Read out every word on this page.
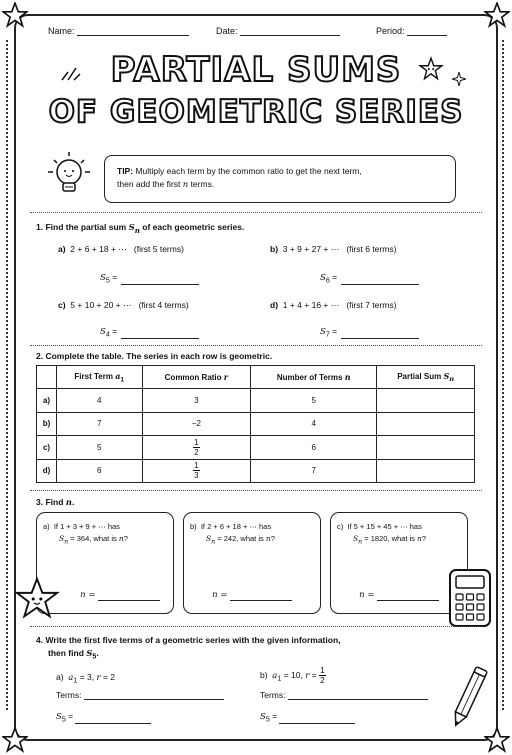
Name:	Date:	Period:
PARTIAL SUMS
OF GEOMETRIC SERIES
TIP: Multiply each term by the common ratio to get the next term,
then add the first n terms.
1. Find the partial sum $S_n$ of each geometric series.
a) 2 + 6 + 18 + ⋯ (first 5 terms)
$S_5$ =
b) 3 + 9 + 27 + ⋯ (first 6 terms)
$S_6$ =
c) 5 + 10 + 20 + ⋯ (first 4 terms)
$S_4$ =
d) 1 + 4 + 16 + ⋯ (first 7 terms)
$S_7$ =
2. Complete the table. The series in each row is geometric.
	First Term $a_1$	Common Ratio r	Number of Terms n	Partial Sum $S_n$
a)	4	3	5	
b)	7	−2	4	
c)	5	$\frac{1}{2}$	6	
d)	6	$\frac{1}{3}$	7	
3. Find n.
a) If 1 + 3 + 9 + ⋯ has
$S_n = 364$, what is n?
n =
b) If 2 + 6 + 18 + ⋯ has
$S_n = 242$, what is n?
n =
c) If 5 + 15 + 45 + ⋯ has
$S_n = 1820$, what is n?
n =
4. Write the first five terms of a geometric series with the given information,
then find $S_5$.
a) $a_1 = 3$, r = 2
Terms:
$S_5$ =
b) $a_1 = 10$, $r = \frac{1}{2}$
Terms:
$S_5$ =
